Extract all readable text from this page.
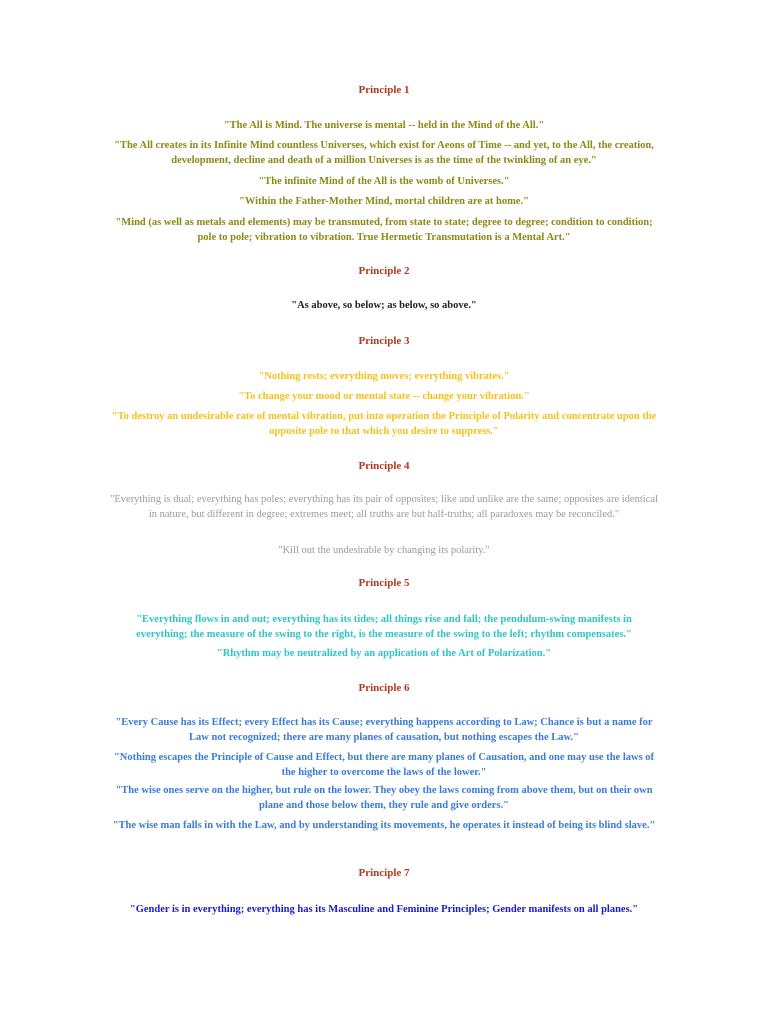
Principle 1
"The All is Mind. The universe is mental -- held in the Mind of the All."
"The All creates in its Infinite Mind countless Universes, which exist for Aeons of Time -- and yet, to the All, the creation, development, decline and death of a million Universes is as the time of the twinkling of an eye."
"The infinite Mind of the All is the womb of Universes."
"Within the Father-Mother Mind, mortal children are at home."
"Mind (as well as metals and elements) may be transmuted, from state to state; degree to degree; condition to condition; pole to pole; vibration to vibration. True Hermetic Transmutation is a Mental Art."
Principle 2
"As above, so below; as below, so above."
Principle 3
"Nothing rests; everything moves; everything vibrates."
"To change your mood or mental state -- change your vibration."
"To destroy an undesirable rate of mental vibration, put into operation the Principle of Polarity and concentrate upon the opposite pole to that which you desire to suppress."
Principle 4
"Everything is dual; everything has poles; everything has its pair of opposites; like and unlike are the same; opposites are identical in nature, but different in degree; extremes meet; all truths are but half-truths; all paradoxes may be reconciled."
"Kill out the undesirable by changing its polarity."
Principle 5
"Everything flows in and out; everything has its tides; all things rise and fall; the pendulum-swing manifests in everything; the measure of the swing to the right, is the measure of the swing to the left; rhythm compensates."
"Rhythm may be neutralized by an application of the Art of Polarization."
Principle 6
"Every Cause has its Effect; every Effect has its Cause; everything happens according to Law; Chance is but a name for Law not recognized; there are many planes of causation, but nothing escapes the Law."
"Nothing escapes the Principle of Cause and Effect, but there are many planes of Causation, and one may use the laws of the higher to overcome the laws of the lower."
"The wise ones serve on the higher, but rule on the lower. They obey the laws coming from above them, but on their own plane and those below them, they rule and give orders."
"The wise man falls in with the Law, and by understanding its movements, he operates it instead of being its blind slave."
Principle 7
"Gender is in everything; everything has its Masculine and Feminine Principles; Gender manifests on all planes."
